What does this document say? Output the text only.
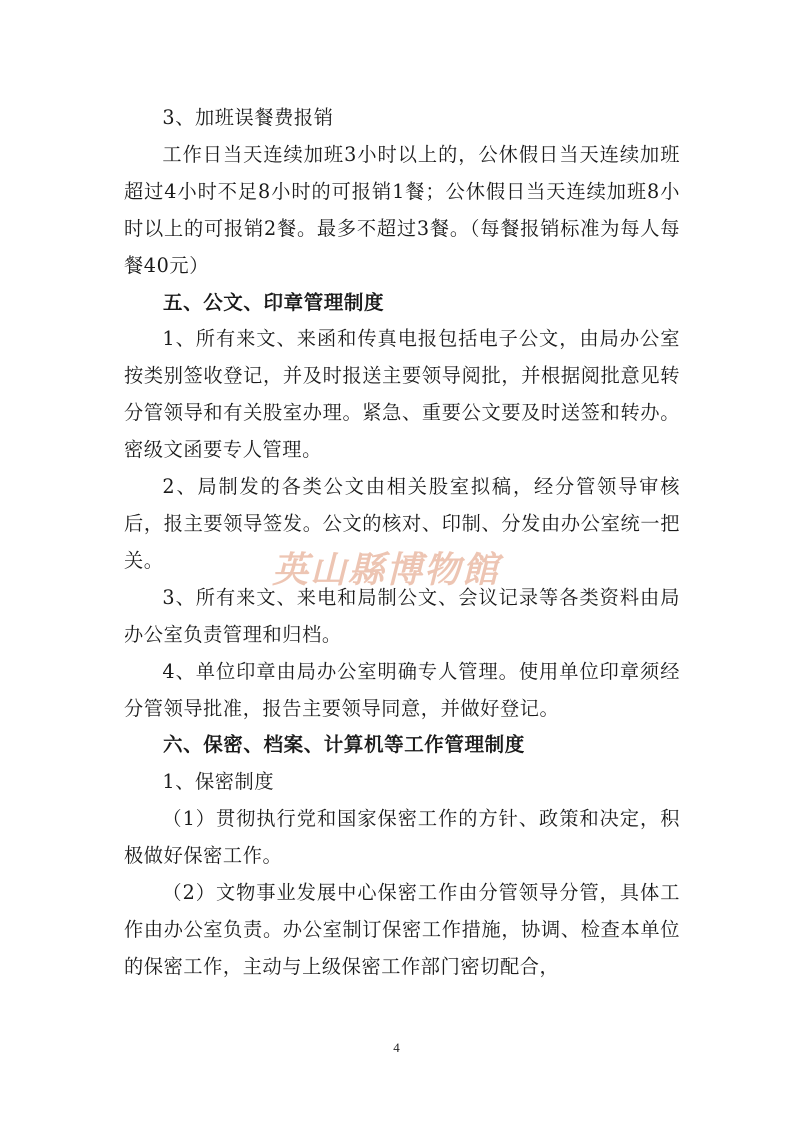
3、加班误餐费报销

工作日当天连续加班3小时以上的，公休假日当天连续加班超过4小时不足8小时的可报销1餐；公休假日当天连续加班8小时以上的可报销2餐。最多不超过3餐。（每餐报销标准为每人每餐40元）

五、公文、印章管理制度

1、所有来文、来函和传真电报包括电子公文，由局办公室按类别签收登记，并及时报送主要领导阅批，并根据阅批意见转分管领导和有关股室办理。紧急、重要公文要及时送签和转办。密级文函要专人管理。

2、局制发的各类公文由相关股室拟稿，经分管领导审核后，报主要领导签发。公文的核对、印制、分发由办公室统一把关。

3、所有来文、来电和局制公文、会议记录等各类资料由局办公室负责管理和归档。

4、单位印章由局办公室明确专人管理。使用单位印章须经分管领导批准，报告主要领导同意，并做好登记。

六、保密、档案、计算机等工作管理制度

1、保密制度

（1）贯彻执行党和国家保密工作的方针、政策和决定，积极做好保密工作。

（2）文物事业发展中心保密工作由分管领导分管，具体工作由办公室负责。办公室制订保密工作措施，协调、检查本单位的保密工作，主动与上级保密工作部门密切配合，

英山縣博物館
4
